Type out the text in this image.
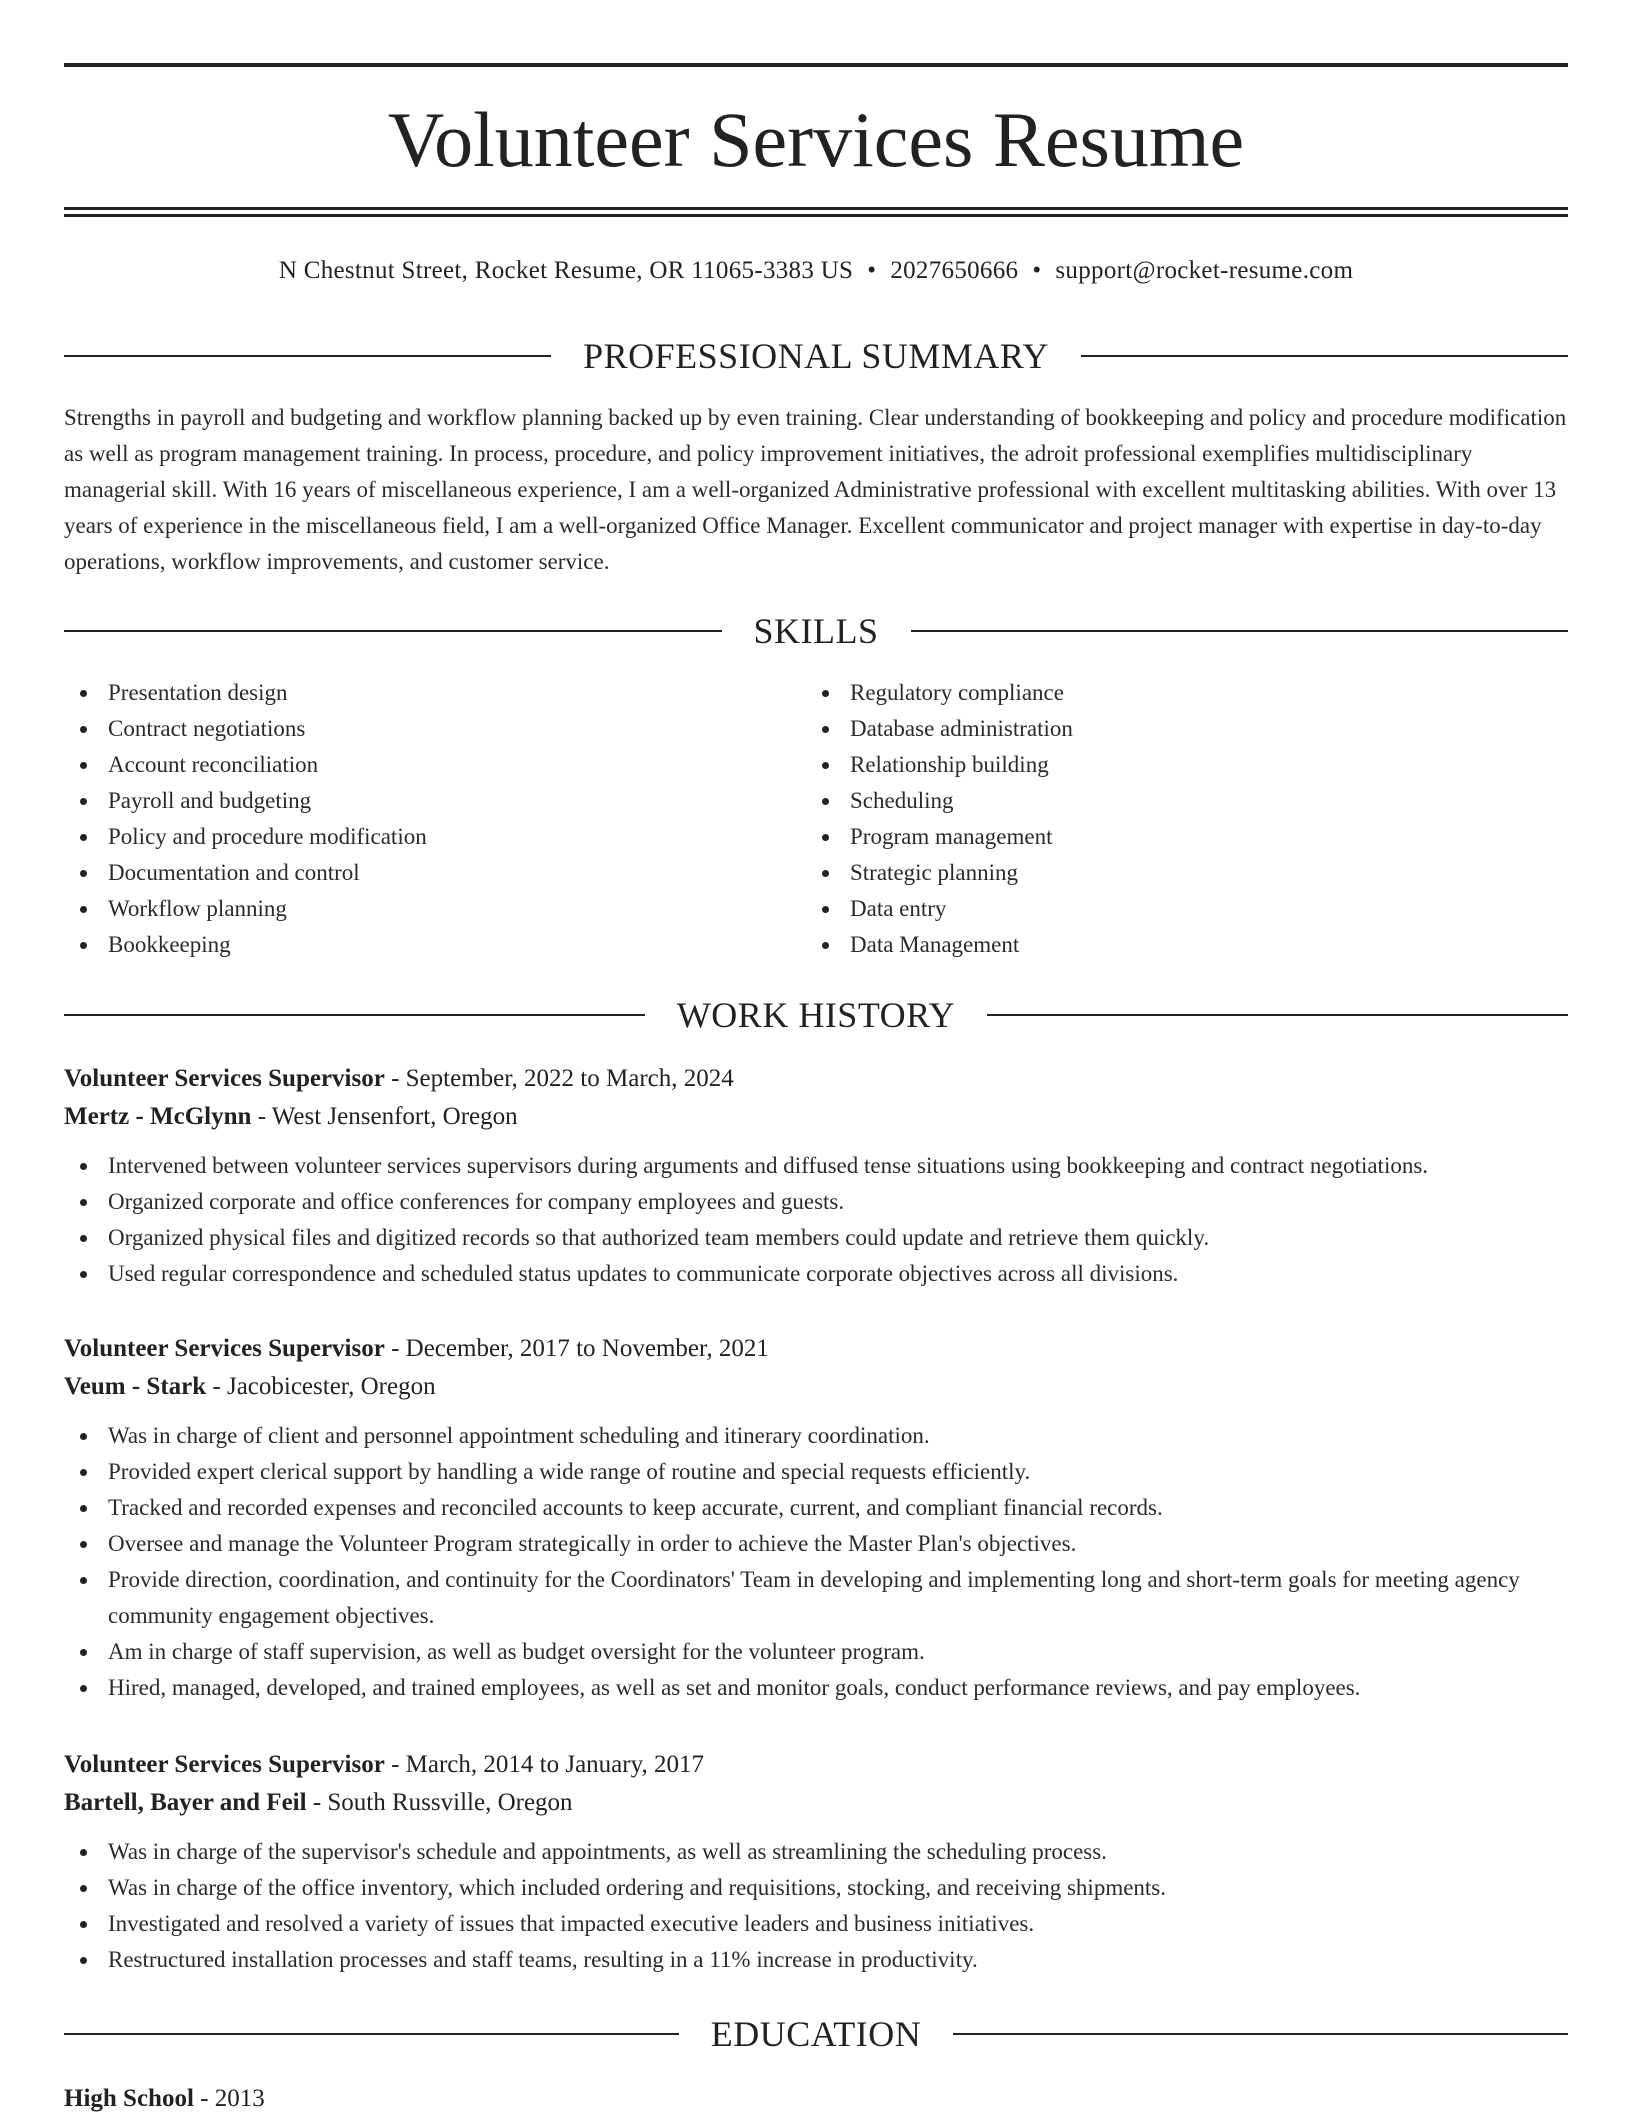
Volunteer Services Resume
N Chestnut Street, Rocket Resume, OR 11065-3383 US • 2027650666 • support@rocket-resume.com
PROFESSIONAL SUMMARY

Strengths in payroll and budgeting and workflow planning backed up by even training. Clear understanding of bookkeeping and policy and procedure modification as well as program management training. In process, procedure, and policy improvement initiatives, the adroit professional exemplifies multidisciplinary managerial skill. With 16 years of miscellaneous experience, I am a well-organized Administrative professional with excellent multitasking abilities. With over 13 years of experience in the miscellaneous field, I am a well-organized Office Manager. Excellent communicator and project manager with expertise in day-to-day operations, workflow improvements, and customer service.

SKILLS
Presentation design
Contract negotiations
Account reconciliation
Payroll and budgeting
Policy and procedure modification
Documentation and control
Workflow planning
Bookkeeping
Regulatory compliance
Database administration
Relationship building
Scheduling
Program management
Strategic planning
Data entry
Data Management
WORK HISTORY
Volunteer Services Supervisor - September, 2022 to March, 2024
Mertz - McGlynn - West Jensenfort, Oregon
Intervened between volunteer services supervisors during arguments and diffused tense situations using bookkeeping and contract negotiations.
Organized corporate and office conferences for company employees and guests.
Organized physical files and digitized records so that authorized team members could update and retrieve them quickly.
Used regular correspondence and scheduled status updates to communicate corporate objectives across all divisions.
Volunteer Services Supervisor - December, 2017 to November, 2021
Veum - Stark - Jacobicester, Oregon
Was in charge of client and personnel appointment scheduling and itinerary coordination.
Provided expert clerical support by handling a wide range of routine and special requests efficiently.
Tracked and recorded expenses and reconciled accounts to keep accurate, current, and compliant financial records.
Oversee and manage the Volunteer Program strategically in order to achieve the Master Plan's objectives.
Provide direction, coordination, and continuity for the Coordinators' Team in developing and implementing long and short-term goals for meeting agency community engagement objectives.
Am in charge of staff supervision, as well as budget oversight for the volunteer program.
Hired, managed, developed, and trained employees, as well as set and monitor goals, conduct performance reviews, and pay employees.
Volunteer Services Supervisor - March, 2014 to January, 2017
Bartell, Bayer and Feil - South Russville, Oregon
Was in charge of the supervisor's schedule and appointments, as well as streamlining the scheduling process.
Was in charge of the office inventory, which included ordering and requisitions, stocking, and receiving shipments.
Investigated and resolved a variety of issues that impacted executive leaders and business initiatives.
Restructured installation processes and staff teams, resulting in a 11% increase in productivity.
EDUCATION
High School - 2013
